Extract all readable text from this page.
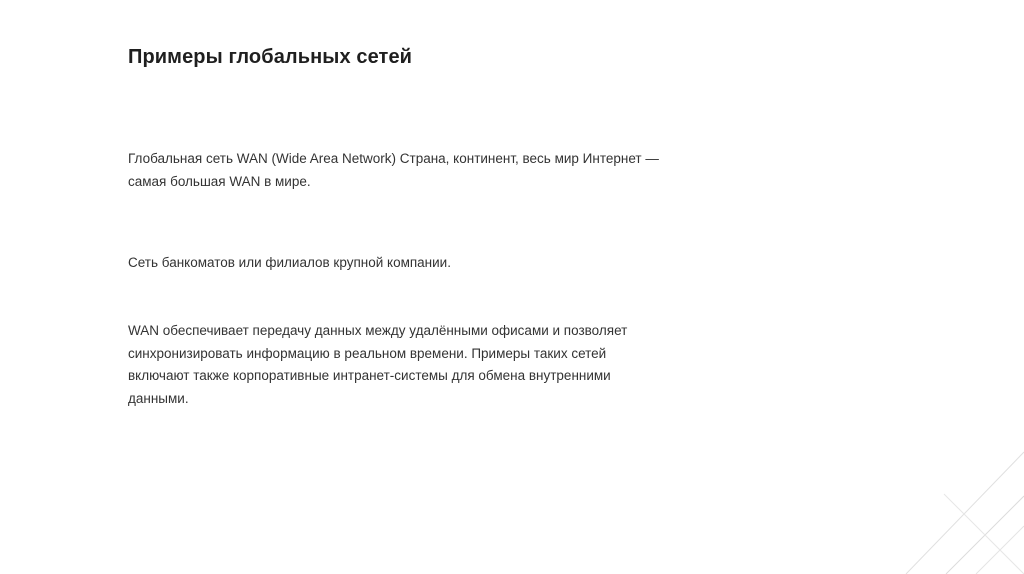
Примеры глобальных сетей

Глобальная сеть WAN (Wide Area Network) Страна, континент, весь мир Интернет —
самая большая WAN в мире.

Сеть банкоматов или филиалов крупной компании.

WAN обеспечивает передачу данных между удалёнными офисами и позволяет
синхронизировать информацию в реальном времени. Примеры таких сетей
включают также корпоративные интранет-системы для обмена внутренними
данными.
